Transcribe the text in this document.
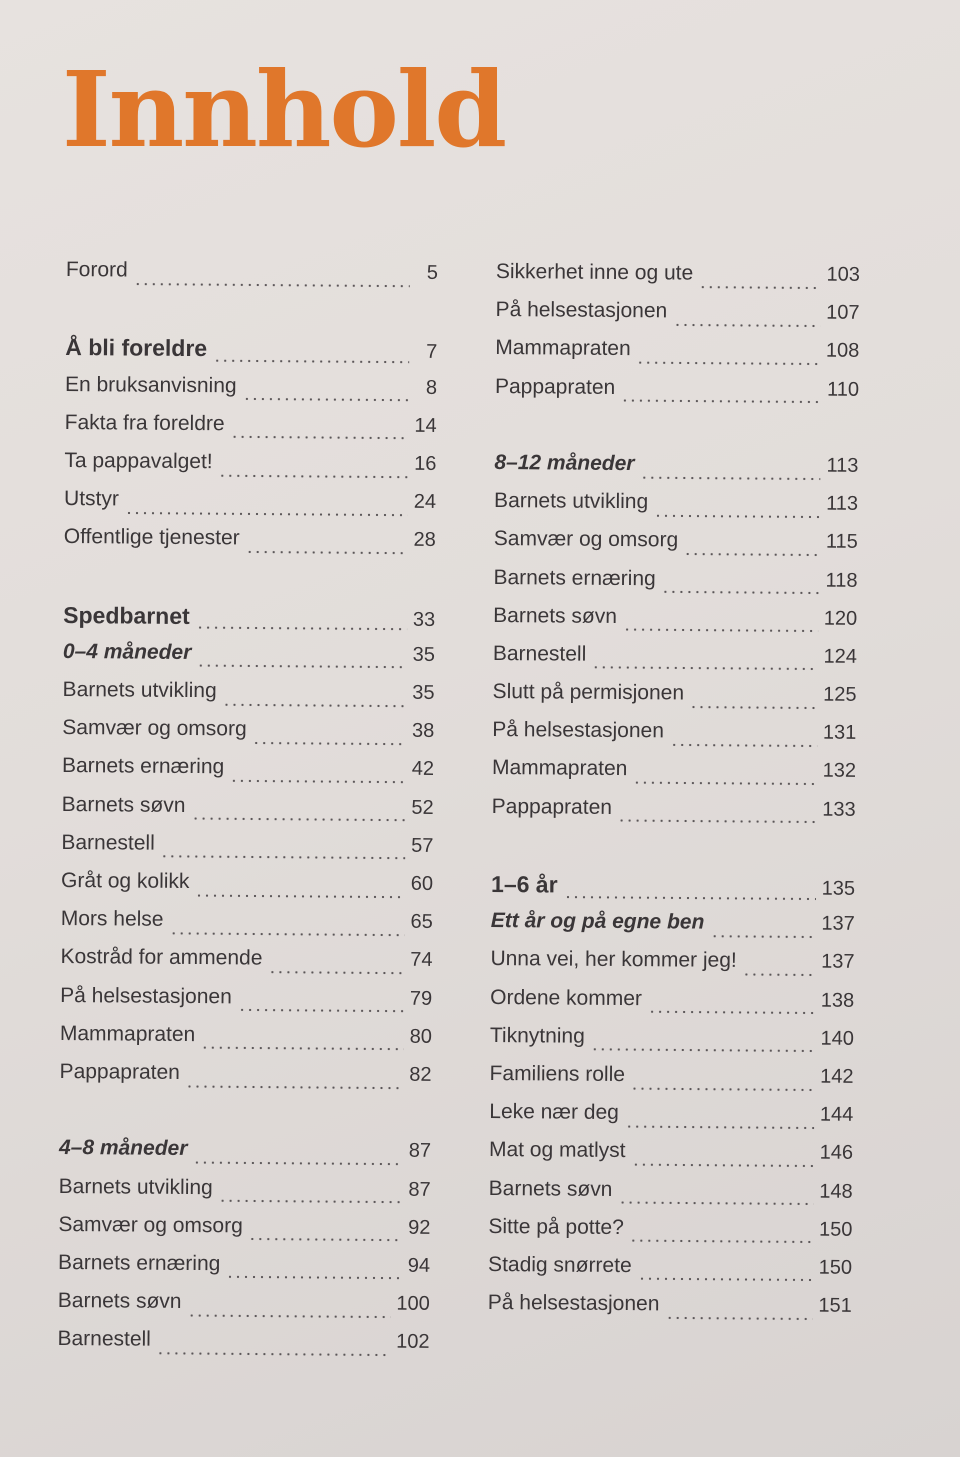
Innhold
Forord	5
Å bli foreldre	7
En bruksanvisning	8
Fakta fra foreldre	14
Ta pappavalget!	16
Utstyr	24
Offentlige tjenester	28
Spedbarnet	33
0–4 måneder	35
Barnets utvikling	35
Samvær og omsorg	38
Barnets ernæring	42
Barnets søvn	52
Barnestell	57
Gråt og kolikk	60
Mors helse	65
Kostråd for ammende	74
På helsestasjonen	79
Mammapraten	80
Pappapraten	82
4–8 måneder	87
Barnets utvikling	87
Samvær og omsorg	92
Barnets ernæring	94
Barnets søvn	100
Barnestell	102
Sikkerhet inne og ute	103
På helsestasjonen	107
Mammapraten	108
Pappapraten	110
8–12 måneder	113
Barnets utvikling	113
Samvær og omsorg	115
Barnets ernæring	118
Barnets søvn	120
Barnestell	124
Slutt på permisjonen	125
På helsestasjonen	131
Mammapraten	132
Pappapraten	133
1–6 år	135
Ett år og på egne ben	137
Unna vei, her kommer jeg!	137
Ordene kommer	138
Tiknytning	140
Familiens rolle	142
Leke nær deg	144
Mat og matlyst	146
Barnets søvn	148
Sitte på potte?	150
Stadig snørrete	150
På helsestasjonen	151
